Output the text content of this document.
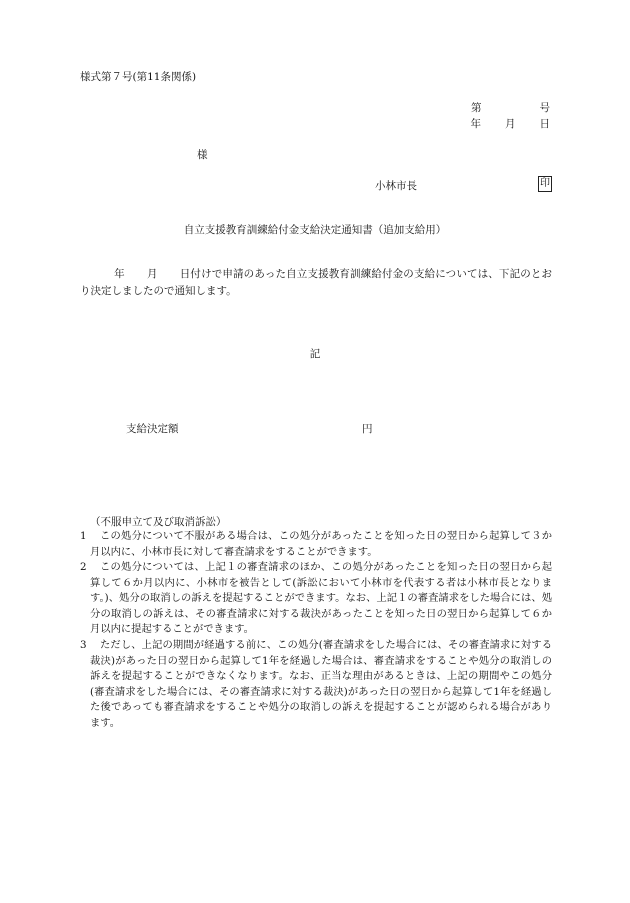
様式第７号(第11条関係)
第	号
年 月 日
様
小林市長	印
自立支援教育訓練給付金支給決定通知書（追加支給用）
年 月 日付けで申請のあった自立支援教育訓練給付金の支給については、下記のとおり決定しましたので通知します。
記
支給決定額	円
（不服申立て及び取消訴訟）
1	この処分について不服がある場合は、この処分があったことを知った日の翌日から起算して３か月以内に、小林市長に対して審査請求をすることができます。
2	この処分については、上記１の審査請求のほか、この処分があったことを知った日の翌日から起算して６か月以内に、小林市を被告として(訴訟において小林市を代表する者は小林市長となります。)、処分の取消しの訴えを提起することができます。なお、上記１の審査請求をした場合には、処分の取消しの訴えは、その審査請求に対する裁決があったことを知った日の翌日から起算して６か月以内に提起することができます。
3	ただし、上記の期間が経過する前に、この処分(審査請求をした場合には、その審査請求に対する裁決)があった日の翌日から起算して1年を経過した場合は、審査請求をすることや処分の取消しの訴えを提起することができなくなります。なお、正当な理由があるときは、上記の期間やこの処分(審査請求をした場合には、その審査請求に対する裁決)があった日の翌日から起算して1年を経過した後であっても審査請求をすることや処分の取消しの訴えを提起することが認められる場合があります。
